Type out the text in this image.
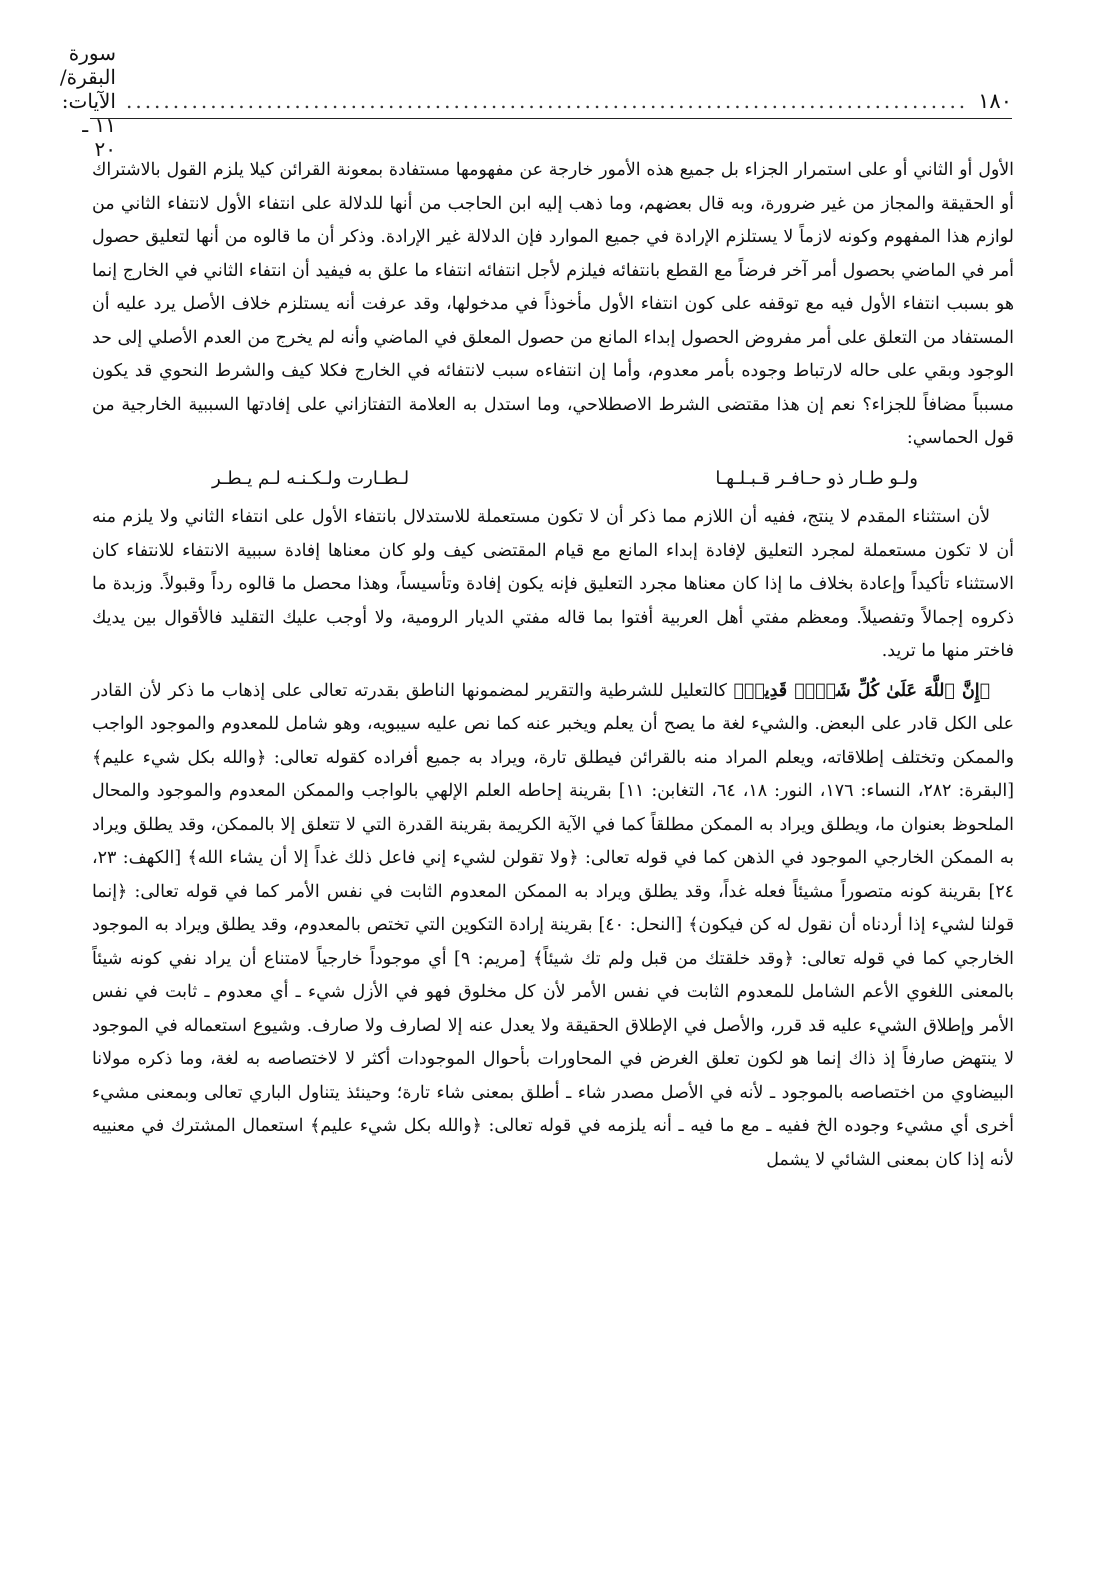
١٨٠
..........................................................................................
سورة البقرة/ الآيات: ١١ ـ ٢٠

الأول أو الثاني أو على استمرار الجزاء بل جميع هذه الأمور خارجة عن مفهومها مستفادة بمعونة القرائن كيلا يلزم القول بالاشتراك أو الحقيقة والمجاز من غير ضرورة، وبه قال بعضهم، وما ذهب إليه ابن الحاجب من أنها للدلالة على انتفاء الأول لانتفاء الثاني من لوازم هذا المفهوم وكونه لازماً لا يستلزم الإرادة في جميع الموارد فإن الدلالة غير الإرادة. وذكر أن ما قالوه من أنها لتعليق حصول أمر في الماضي بحصول أمر آخر فرضاً مع القطع بانتفائه فيلزم لأجل انتفائه انتفاء ما علق به فيفيد أن انتفاء الثاني في الخارج إنما هو بسبب انتفاء الأول فيه مع توقفه على كون انتفاء الأول مأخوذاً في مدخولها، وقد عرفت أنه يستلزم خلاف الأصل يرد عليه أن المستفاد من التعلق على أمر مفروض الحصول إبداء المانع من حصول المعلق في الماضي وأنه لم يخرج من العدم الأصلي إلى حد الوجود وبقي على حاله لارتباط وجوده بأمر معدوم، وأما إن انتفاءه سبب لانتفائه في الخارج فكلا كيف والشرط النحوي قد يكون مسبباً مضافاً للجزاء؟ نعم إن هذا مقتضى الشرط الاصطلاحي، وما استدل به العلامة التفتازاني على إفادتها السببية الخارجية من قول الحماسي:

ولـو طـار ذو حـافـر قـبـلـهـا
لـطـارت ولـكـنـه لـم يـطـر

لأن استثناء المقدم لا ينتج، ففيه أن اللازم مما ذكر أن لا تكون مستعملة للاستدلال بانتفاء الأول على انتفاء الثاني ولا يلزم منه أن لا تكون مستعملة لمجرد التعليق لإفادة إبداء المانع مع قيام المقتضى كيف ولو كان معناها إفادة سببية الانتفاء للانتفاء كان الاستثناء تأكيداً وإعادة بخلاف ما إذا كان معناها مجرد التعليق فإنه يكون إفادة وتأسيساً، وهذا محصل ما قالوه رداً وقبولاً. وزبدة ما ذكروه إجمالاً وتفصيلاً. ومعظم مفتي أهل العربية أفتوا بما قاله مفتي الديار الرومية، ولا أوجب عليك التقليد فالأقوال بين يديك فاختر منها ما تريد.

﴿إِنَّ ٱللَّهَ عَلَىٰ كُلِّ شَيۡءٖ قَدِيرٞ﴾ كالتعليل للشرطية والتقرير لمضمونها الناطق بقدرته تعالى على إذهاب ما ذكر لأن القادر على الكل قادر على البعض. والشيء لغة ما يصح أن يعلم ويخبر عنه كما نص عليه سيبويه، وهو شامل للمعدوم والموجود الواجب والممكن وتختلف إطلاقاته، ويعلم المراد منه بالقرائن فيطلق تارة، ويراد به جميع أفراده كقوله تعالى: ﴿والله بكل شيء عليم﴾ [البقرة: ٢٨٢، النساء: ١٧٦، النور: ١٨، ٦٤، التغابن: ١١] بقرينة إحاطه العلم الإلهي بالواجب والممكن المعدوم والموجود والمحال الملحوظ بعنوان ما، ويطلق ويراد به الممكن مطلقاً كما في الآية الكريمة بقرينة القدرة التي لا تتعلق إلا بالممكن، وقد يطلق ويراد به الممكن الخارجي الموجود في الذهن كما في قوله تعالى: ﴿ولا تقولن لشيء إني فاعل ذلك غداً إلا أن يشاء الله﴾ [الكهف: ٢٣، ٢٤] بقرينة كونه متصوراً مشيئاً فعله غداً، وقد يطلق ويراد به الممكن المعدوم الثابت في نفس الأمر كما في قوله تعالى: ﴿إنما قولنا لشيء إذا أردناه أن نقول له كن فيكون﴾ [النحل: ٤٠] بقرينة إرادة التكوين التي تختص بالمعدوم، وقد يطلق ويراد به الموجود الخارجي كما في قوله تعالى: ﴿وقد خلقتك من قبل ولم تك شيئاً﴾ [مريم: ٩] أي موجوداً خارجياً لامتناع أن يراد نفي كونه شيئاً بالمعنى اللغوي الأعم الشامل للمعدوم الثابت في نفس الأمر لأن كل مخلوق فهو في الأزل شيء ـ أي معدوم ـ ثابت في نفس الأمر وإطلاق الشيء عليه قد قرر، والأصل في الإطلاق الحقيقة ولا يعدل عنه إلا لصارف ولا صارف. وشيوع استعماله في الموجود لا ينتهض صارفاً إذ ذاك إنما هو لكون تعلق الغرض في المحاورات بأحوال الموجودات أكثر لا لاختصاصه به لغة، وما ذكره مولانا البيضاوي من اختصاصه بالموجود ـ لأنه في الأصل مصدر شاء ـ أطلق بمعنى شاء تارة؛ وحينئذ يتناول الباري تعالى وبمعنى مشيء أخرى أي مشيء وجوده الخ ففيه ـ مع ما فيه ـ أنه يلزمه في قوله تعالى: ﴿والله بكل شيء عليم﴾ استعمال المشترك في معنييه لأنه إذا كان بمعنى الشائي لا يشمل
